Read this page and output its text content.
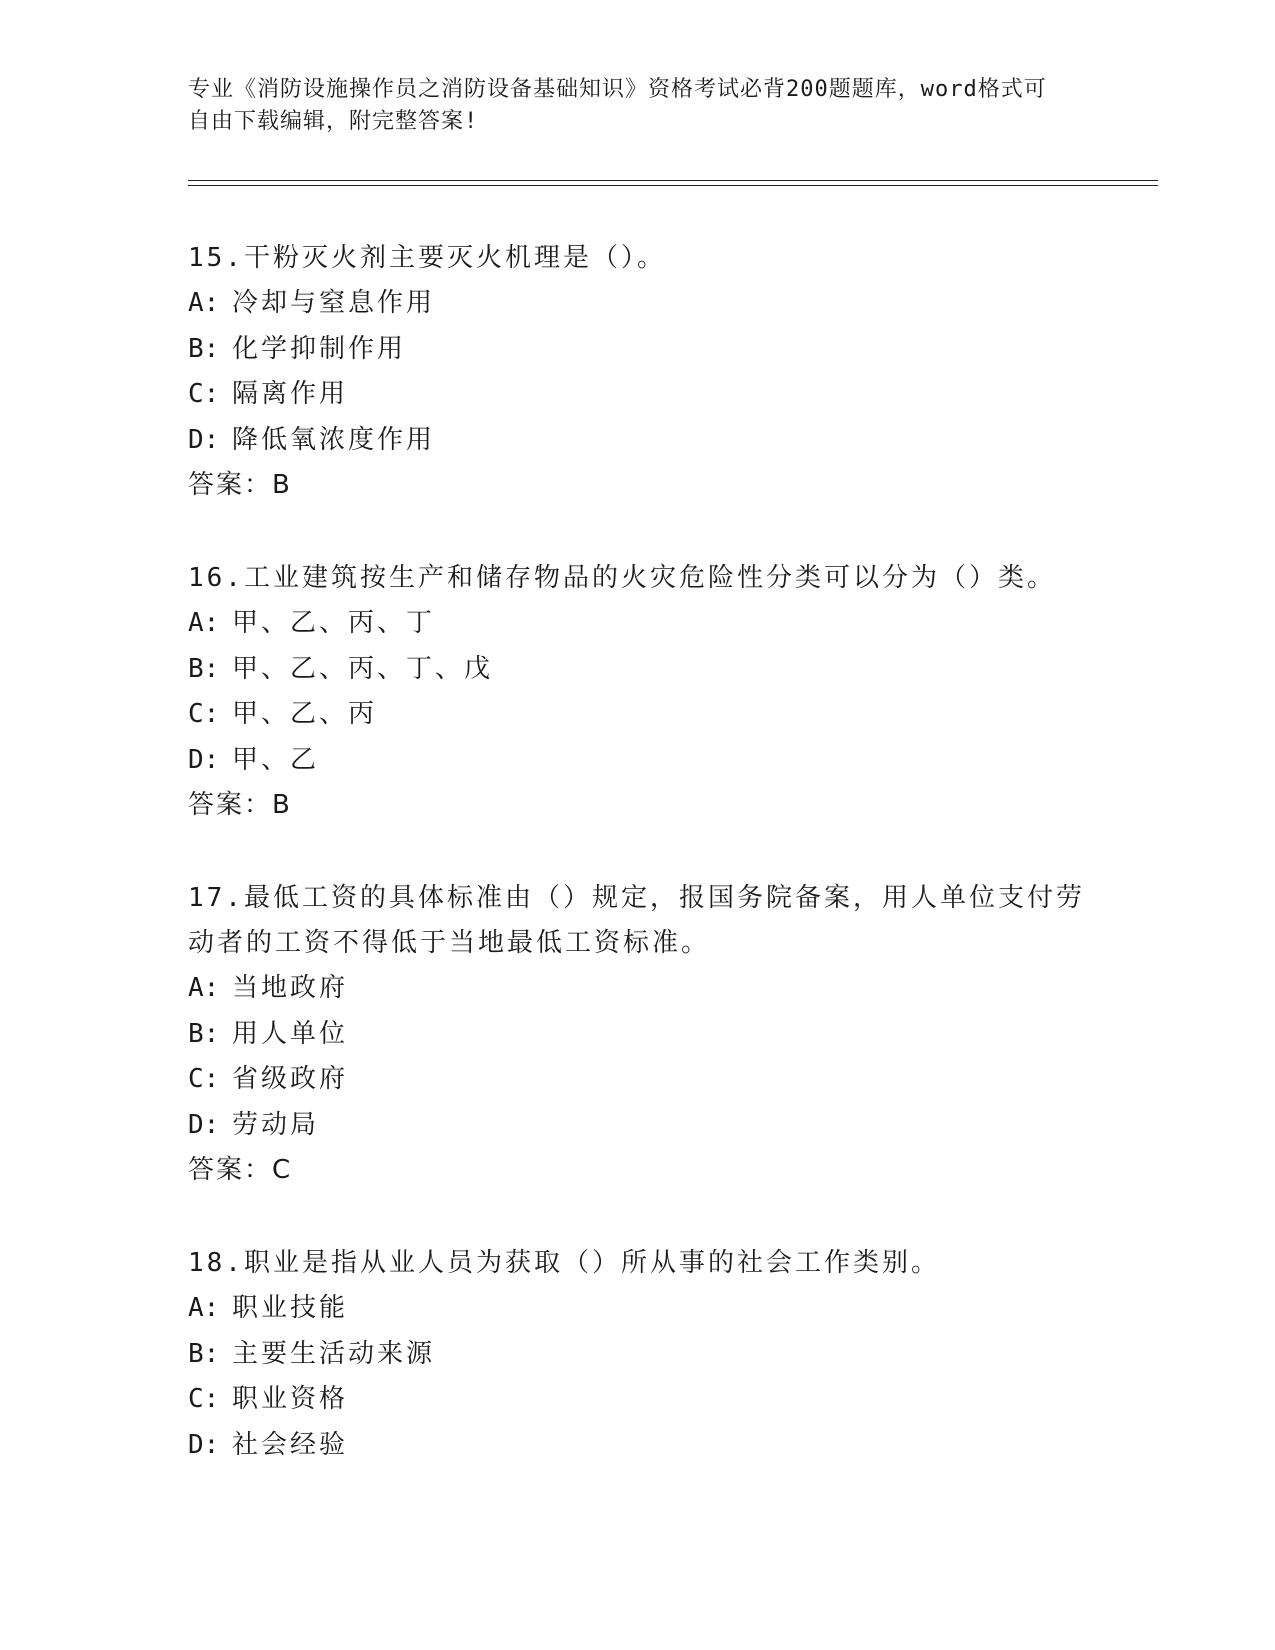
专业《消防设施操作员之消防设备基础知识》资格考试必背200题题库，word格式可自由下载编辑，附完整答案!
15.干粉灭火剂主要灭火机理是（）。
A: 冷却与窒息作用
B: 化学抑制作用
C: 隔离作用
D: 降低氧浓度作用
答案：B
16.工业建筑按生产和储存物品的火灾危险性分类可以分为（）类。
A: 甲、乙、丙、丁
B: 甲、乙、丙、丁、戊
C: 甲、乙、丙
D: 甲、乙
答案：B
17.最低工资的具体标准由（）规定，报国务院备案，用人单位支付劳动者的工资不得低于当地最低工资标准。
A: 当地政府
B: 用人单位
C: 省级政府
D: 劳动局
答案：C
18.职业是指从业人员为获取（）所从事的社会工作类别。
A: 职业技能
B: 主要生活动来源
C: 职业资格
D: 社会经验
